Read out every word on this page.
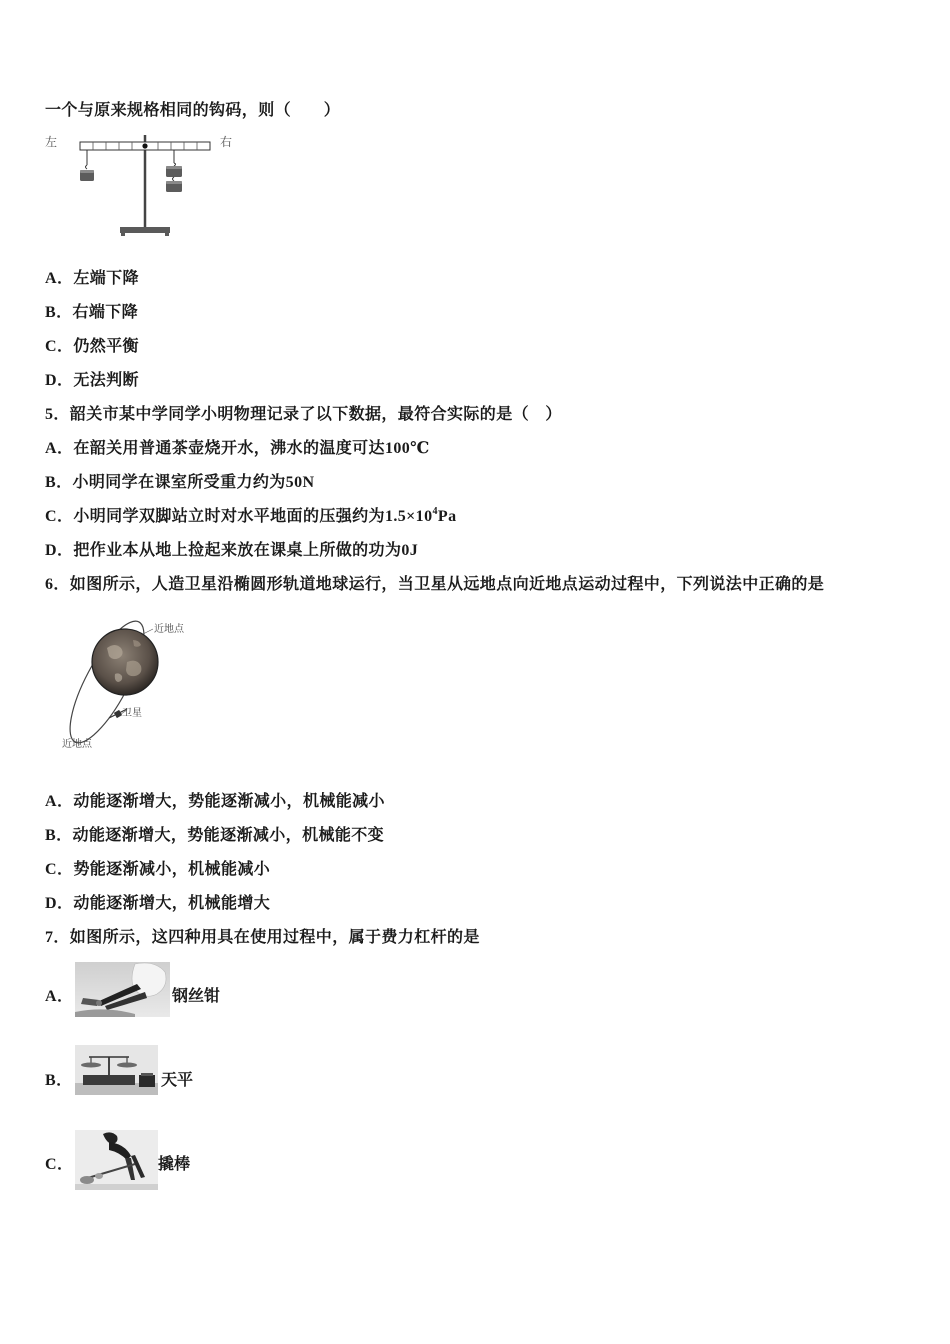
一个与原来规格相同的钩码，则（　　）
左	右
A．左端下降
B．右端下降
C．仍然平衡
D．无法判断
5．韶关市某中学同学小明物理记录了以下数据，最符合实际的是（　）
A．在韶关用普通茶壶烧开水，沸水的温度可达100℃
B．小明同学在课室所受重力约为50N
C．小明同学双脚站立时对水平地面的压强约为$1.5\times 10^4Pa$
D．把作业本从地上捡起来放在课桌上所做的功为0J
6．如图所示，人造卫星沿椭圆形轨道地球运行，当卫星从远地点向近地点运动过程中，下列说法中正确的是
近地点
卫星
近地点
A．动能逐渐增大，势能逐渐减小，机械能减小
B．动能逐渐增大，势能逐渐减小，机械能不变
C．势能逐渐减小，机械能减小
D．动能逐渐增大，机械能增大
7．如图所示，这四种用具在使用过程中，属于费力杠杆的是
A．	钢丝钳
B．	天平
C．	撬棒
